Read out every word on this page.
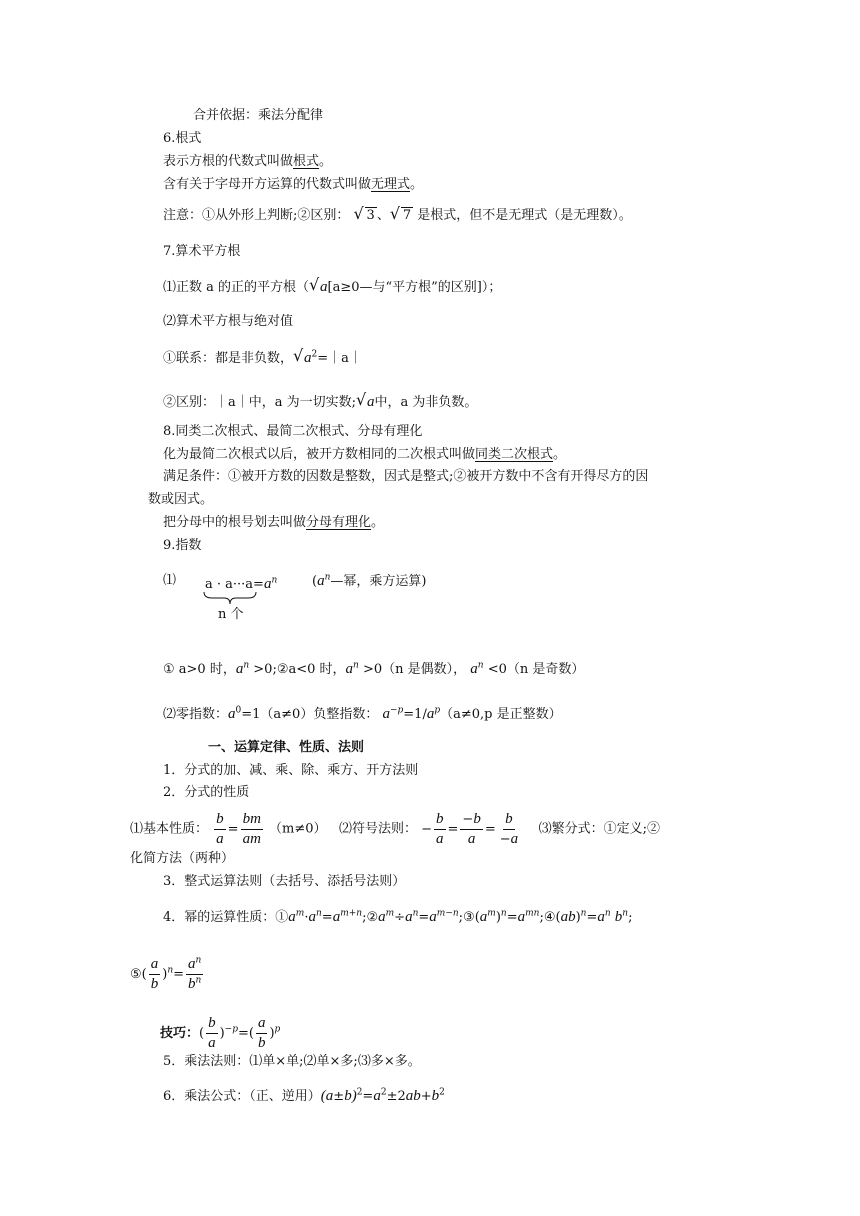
合并依据：乘法分配律
6.根式
表示方根的代数式叫做根式。
含有关于字母开方运算的代数式叫做无理式。
注意：①从外形上判断;②区别： √ 3 、 √ 7 是根式，但不是无理式（是无理数）。
7.算术平方根
⑴正数 a 的正的平方根（ √ a[a≥0—与“平方根”的区别]）；
⑵算术平方根与绝对值
①联系：都是非负数， √ $a^2=|a|$
②区别：｜a｜中，a 为一切实数; √ a中，a 为非负数。
8.同类二次根式、最简二次根式、分母有理化
化为最简二次根式以后，被开方数相同的二次根式叫做同类二次根式。
满足条件：①被开方数的因数是整数，因式是整式;②被开方数中不含有开得尽方的因
数或因式。
把分母中的根号划去叫做分母有理化。
9.指数
⑴ $a \cdot a\cdot\cdot\cdot a=a^n$	($a^n—$幂，乘方运算)
n 个
① a>0 时，$a^n$ >0;②a<0 时，$a^n >0(n$ 是偶数）， $a^n <0(n$ 是奇数）
⑵零指数：$a^0=1(a\ne 0)$负整指数： $a^{-p}=1/a^p(a\ne 0,p$ 是正整数）
一、运算定律、性质、法则
1．分式的加、减、乘、除、乘方、开方法则
2．分式的性质
⑴基本性质： $\frac{b}{a} = \frac{bm}{am} (m\ne 0)$ ⑵符号法则： − $\frac{b}{a} = \frac{-b}{a} = \frac{b}{-a}$ ⑶繁分式：①定义;②
化简方法（两种）
3．整式运算法则（去括号、添括号法则）
4．幂的运算性质：$①a^m\cdot a^n=a^{m+n};②a^m\div a^n=a^{m-n};③(a^m)^n=a^{mn};④(ab)^n=a^n$ $b^n$;
⑤( $\frac{a}{b} )^n= \frac{a^n}{b^n}$
技巧：( $\frac{b}{a} )^{-p}=( \frac{a}{b} )^p$
5．乘法法则：⑴单×单;⑵单×多;⑶多×多。
6．乘法公式：（正、逆用）$(a\pm b)^2=a^2\pm 2ab+b^2$
